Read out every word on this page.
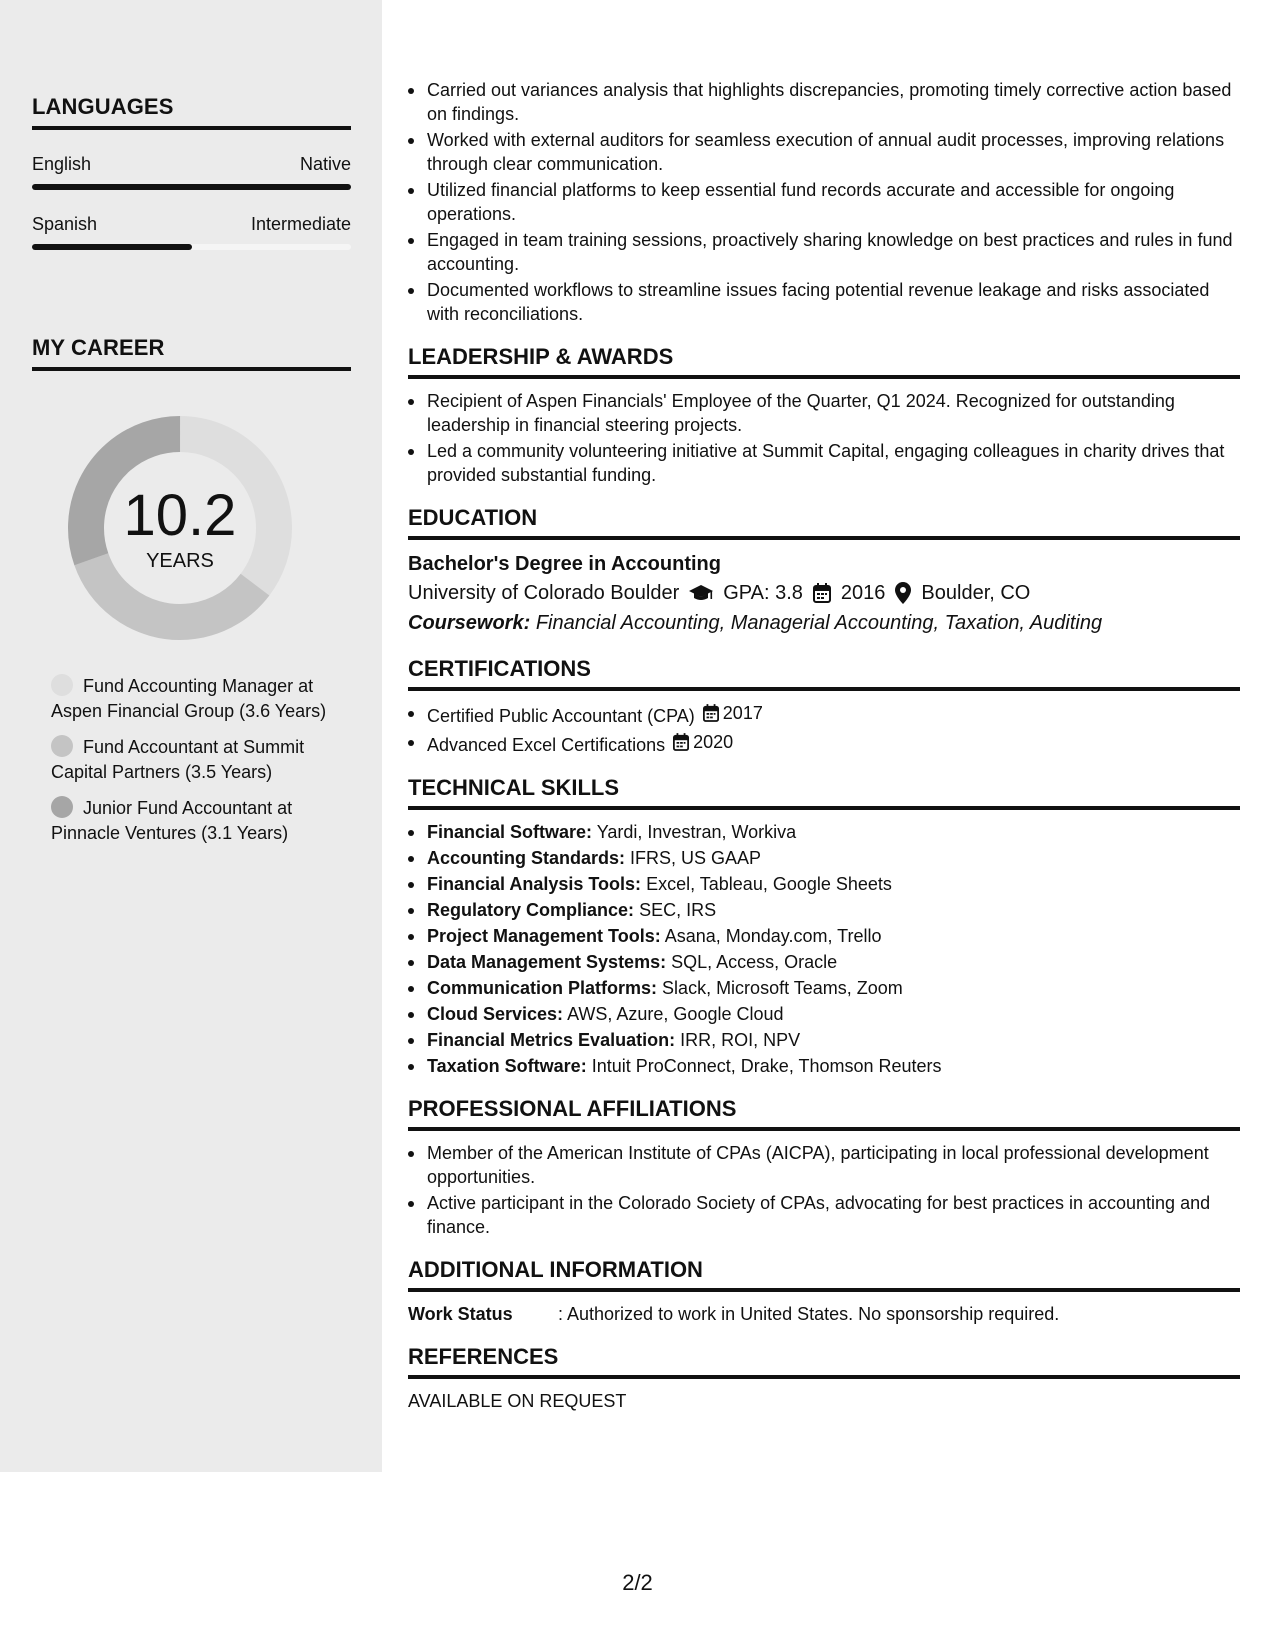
LANGUAGES
English	Native
Spanish	Intermediate
MY CAREER
10.2
YEARS
Fund Accounting Manager at Aspen Financial Group (3.6 Years)
Fund Accountant at Summit Capital Partners (3.5 Years)
Junior Fund Accountant at Pinnacle Ventures (3.1 Years)
Carried out variances analysis that highlights discrepancies, promoting timely corrective action based on findings.
Worked with external auditors for seamless execution of annual audit processes, improving relations through clear communication.
Utilized financial platforms to keep essential fund records accurate and accessible for ongoing operations.
Engaged in team training sessions, proactively sharing knowledge on best practices and rules in fund accounting.
Documented workflows to streamline issues facing potential revenue leakage and risks associated with reconciliations.
LEADERSHIP & AWARDS
Recipient of Aspen Financials' Employee of the Quarter, Q1 2024. Recognized for outstanding leadership in financial steering projects.
Led a community volunteering initiative at Summit Capital, engaging colleagues in charity drives that provided substantial funding.
EDUCATION
Bachelor's Degree in Accounting
University of Colorado Boulder GPA: 3.8 2016 Boulder, CO
Coursework: Financial Accounting, Managerial Accounting, Taxation, Auditing
CERTIFICATIONS
Certified Public Accountant (CPA) 2017
Advanced Excel Certifications 2020
TECHNICAL SKILLS
Financial Software: Yardi, Investran, Workiva
Accounting Standards: IFRS, US GAAP
Financial Analysis Tools: Excel, Tableau, Google Sheets
Regulatory Compliance: SEC, IRS
Project Management Tools: Asana, Monday.com, Trello
Data Management Systems: SQL, Access, Oracle
Communication Platforms: Slack, Microsoft Teams, Zoom
Cloud Services: AWS, Azure, Google Cloud
Financial Metrics Evaluation: IRR, ROI, NPV
Taxation Software: Intuit ProConnect, Drake, Thomson Reuters
PROFESSIONAL AFFILIATIONS
Member of the American Institute of CPAs (AICPA), participating in local professional development opportunities.
Active participant in the Colorado Society of CPAs, advocating for best practices in accounting and finance.
ADDITIONAL INFORMATION
Work Status	: Authorized to work in United States. No sponsorship required.
REFERENCES
AVAILABLE ON REQUEST
2/2
